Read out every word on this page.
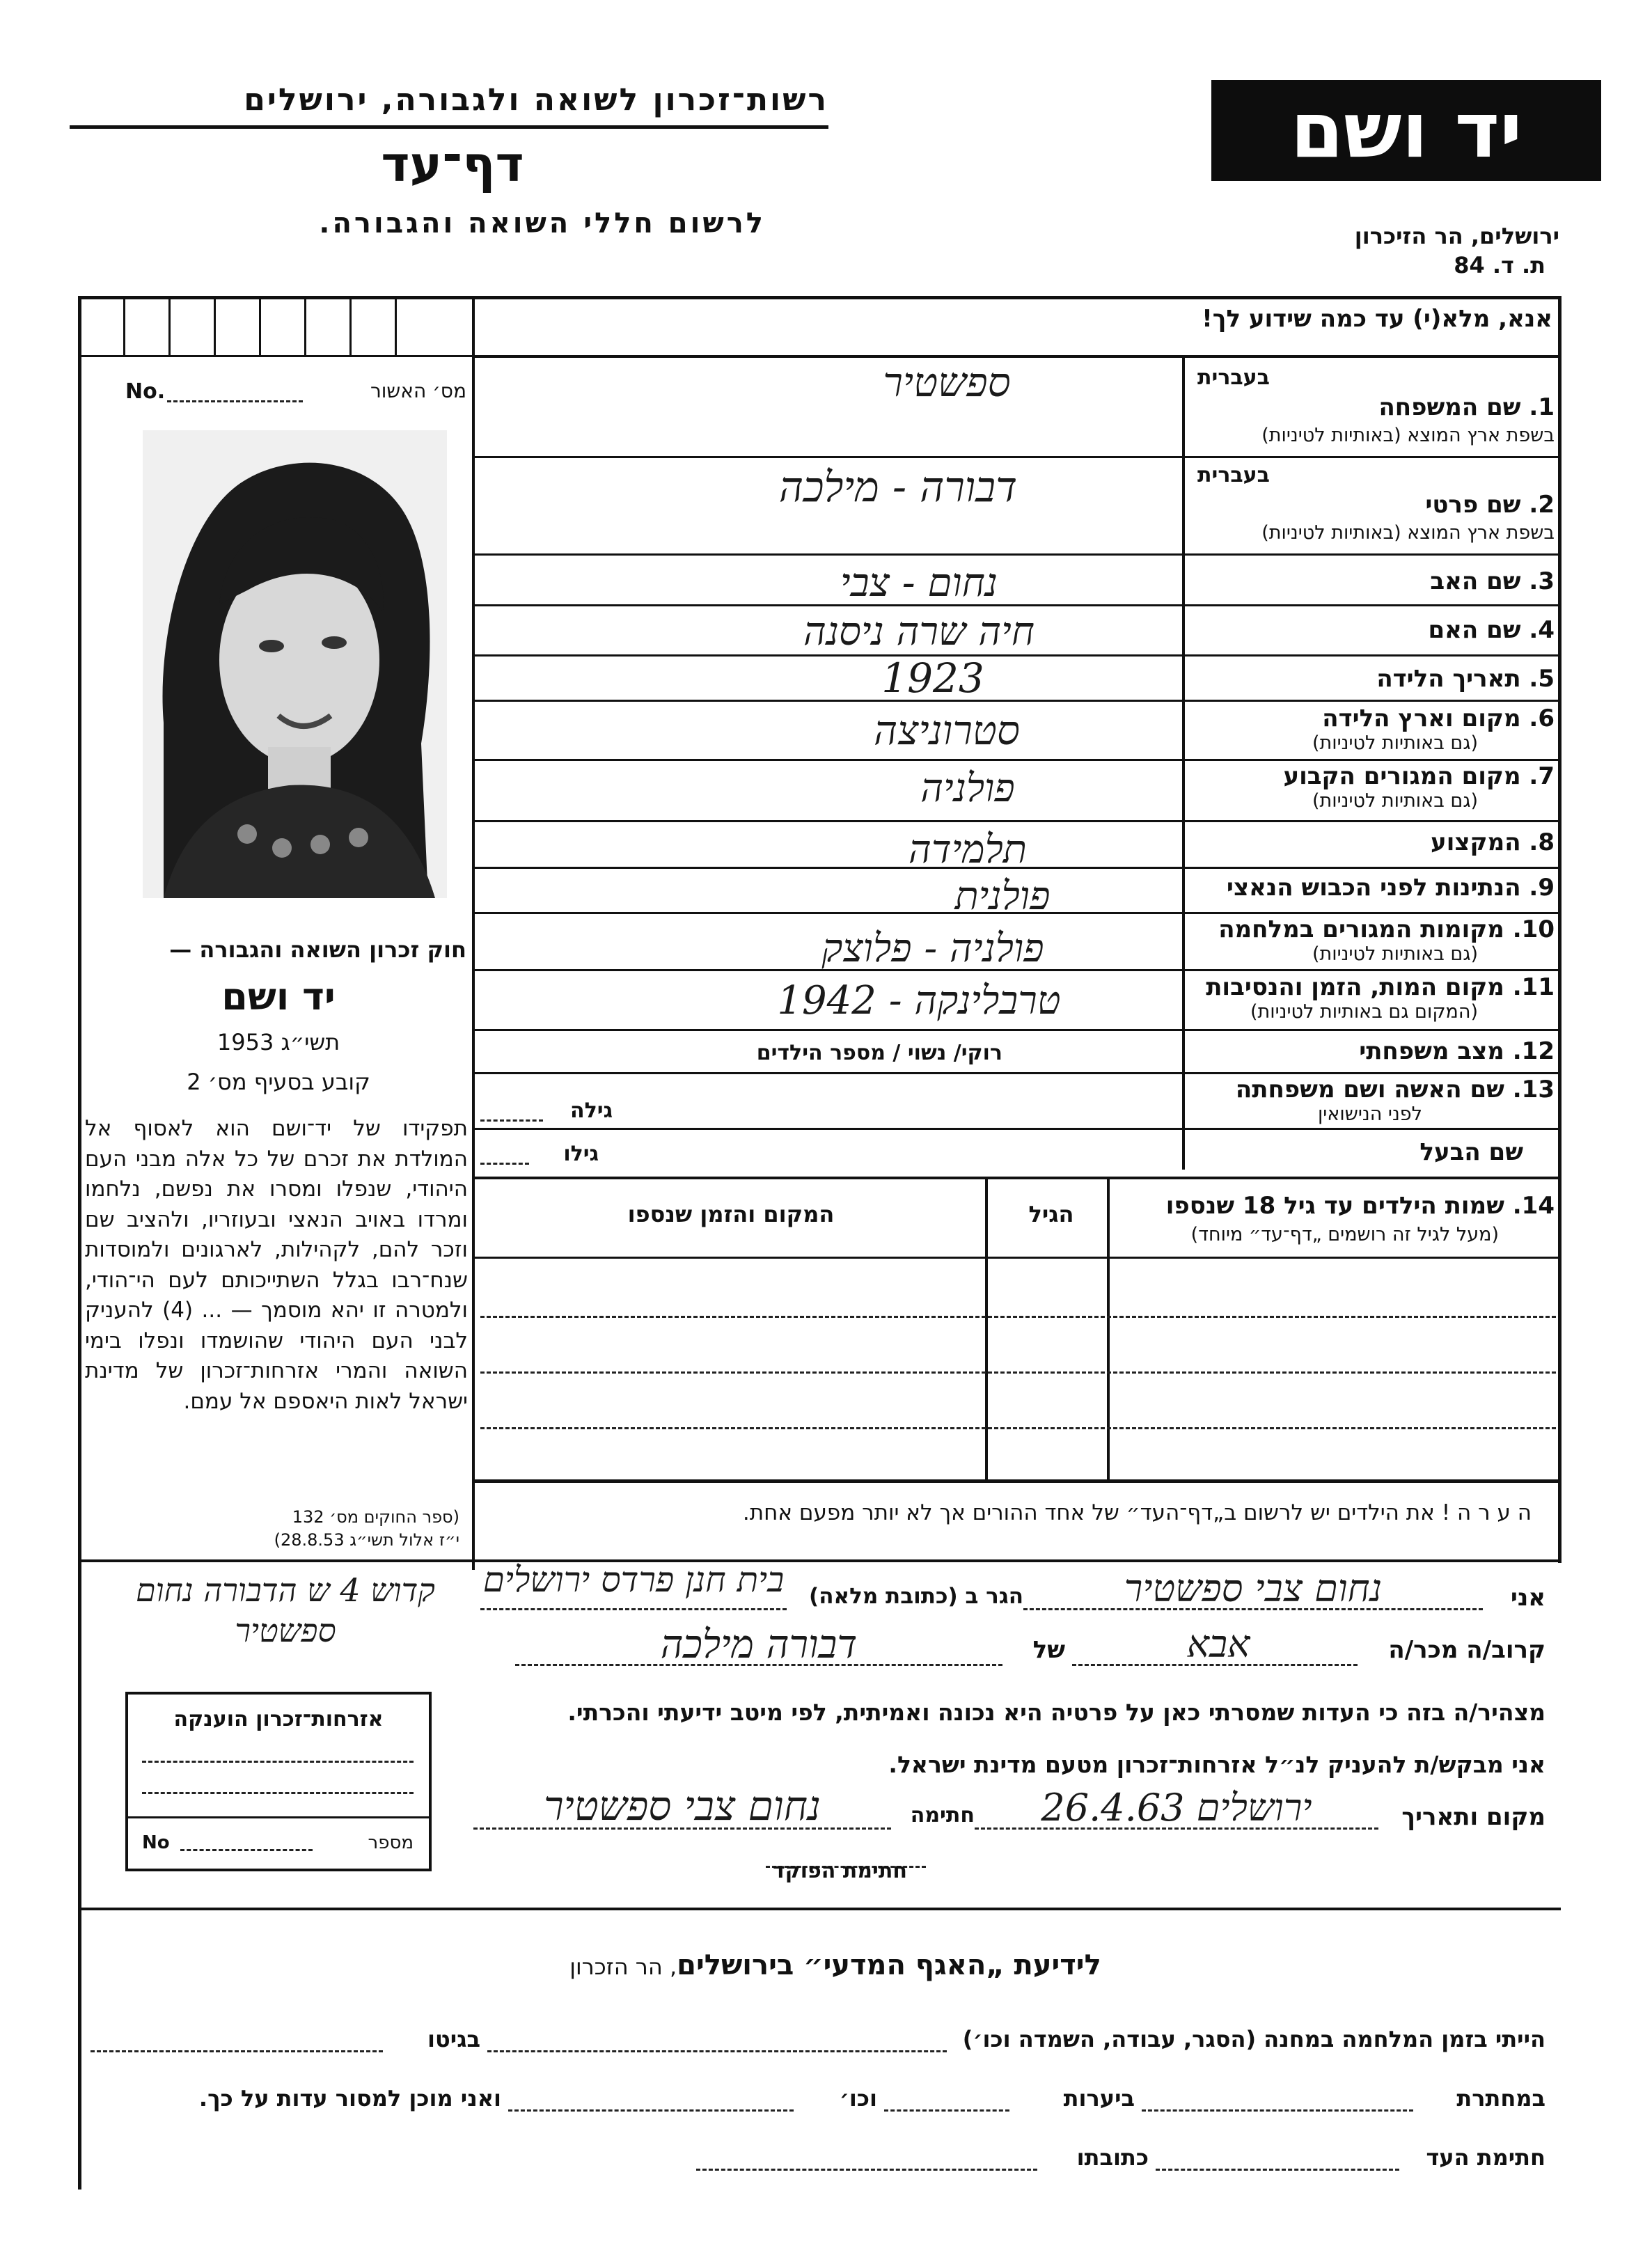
רשות־זכרון לשואה ולגבורה, ירושלים
דף־עד
לרשום חללי השואה והגבורה.
יד ושם
ירושלים, הר הזיכרון
ת. ד. 84
אנא, מלא(י) עד כמה שידוע לך!
No.	מס׳ האשור
חוק זכרון השואה והגבורה —
יד ושם
תשי״ג 1953
קובע בסעיף מס׳ 2
תפקידו של יד־ושם הוא לאסוף אל המולדת את זכרם של כל אלה מבני העם היהודי, שנפלו ומסרו את נפשם, נלחמו ומרדו באויב הנאצי ובעוזריו, ולהציב שם וזכר להם, לקהילות, לארגונים ולמוסדות שנח־רבו בגלל השתייכותם לעם הי־הודי, ולמטרה זו יהא מוסמך — ... (4) להעניק לבני העם היהודי שהושמדו ונפלו בימי השואה והמרי אזרחות־זכרון של מדינת ישראל לאות היאספם אל עמם.
(ספר החוקים מס׳ 132
י״ז אלול תשי״ג 28.8.53)
בעברית
1. שם המשפחה
בשפת ארץ המוצא (באותיות לטיניות)
בעברית
2. שם פרטי
בשפת ארץ המוצא (באותיות לטיניות)
3. שם האב
4. שם האם
5. תאריך הלידה
6. מקום וארץ הלידה
(גם באותיות לטיניות)
7. מקום המגורים הקבוע
(גם באותיות לטיניות)
8. המקצוע
9. הנתינות לפני הכבוש הנאצי
10. מקומות המגורים במלחמה
(גם באותיות לטיניות)
11. מקום המות, הזמן והנסיבות
(המקום גם באותיות לטיניות)
12. מצב משפחתי
13. שם האשה ושם משפחתה
לפני הנישואין
שם הבעל
ספשטיר
דבורה - מילכה
נחום - צבי
חיה שרה ניסנה
1923
סטרוניצה
פולניה
תלמידה
פולנית
פולניה - פלוצק
טרבלינקה - 1942
רוקי/ נשוי / מספר הילדים
גילה
גילו
14. שמות הילדים עד גיל 18 שנספו
(מעל לגיל זה רושמים „דף־עד״ מיוחד)
הגיל
המקום והזמן שנספו
ה ע ר ה ! את הילדים יש לרשום ב„דף־העד״ של אחד ההורים אך לא יותר מפעם אחת.
קדוש 4 ש הדבורה נחום ספשטיר
אני
נחום צבי ספשטיר
הגר ב (כתובת מלאה)
בית חנן פרדס ירושלים
קרוב/ה מכר/ה
אבא
של
דבורה מילכה
מצהיר/ה בזה כי העדות שמסרתי כאן על פרטיה היא נכונה ואמיתית, לפי מיטב ידיעתי והכרתי.
אני מבקש/ת להעניק לנ״ל אזרחות־זכרון מטעם מדינת ישראל.
מקום ותאריך
ירושלים 26.4.63
חתימה
נחום צבי ספשטיר
חתימת הפוקד
אזרחות־זכרון הוענקה
No	מספר
לידיעת „האגף המדעי״ בירושלים, הר הזכרון
הייתי בזמן המלחמה במחנה (הסגר, עבודה, השמדה וכו׳)
בגיטו
במחתרת
ביערות
וכו׳
ואני מוכן למסור עדות על כך.
חתימת העד
כתובתו
